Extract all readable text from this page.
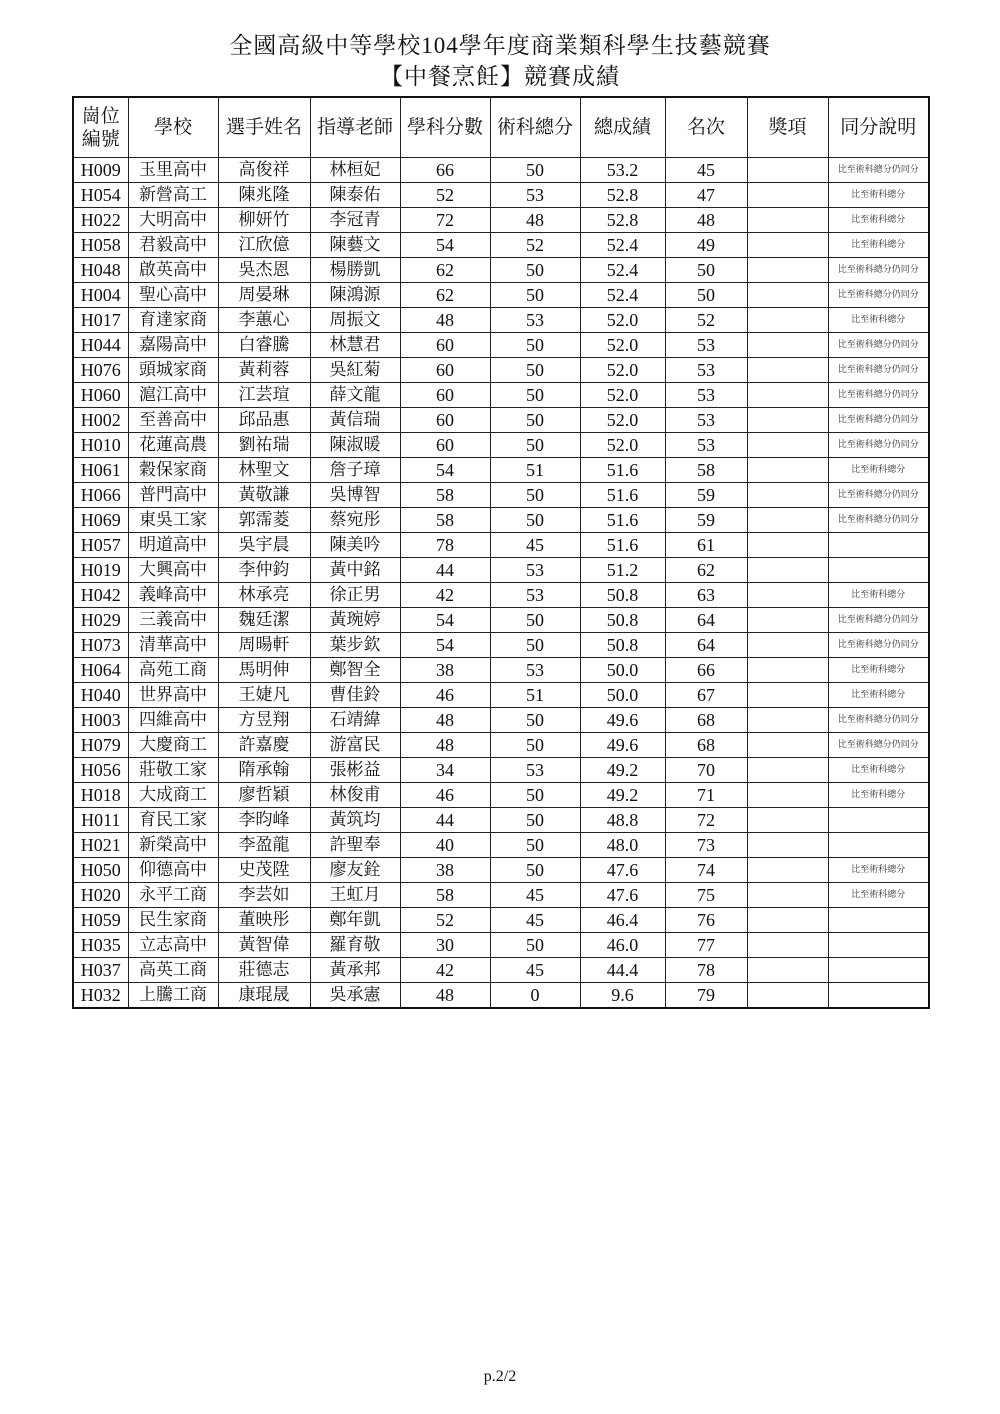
全國高級中等學校104學年度商業類科學生技藝競賽
【中餐烹飪】競賽成績
崗位
編號	學校	選手姓名	指導老師	學科分數	術科總分	總成績	名次	獎項	同分說明
H009	玉里高中	高俊祥	林桓妃	66	50	53.2	45		比至術科總分仍同分
H054	新營高工	陳兆隆	陳泰佑	52	53	52.8	47		比至術科總分
H022	大明高中	柳妍竹	李冠青	72	48	52.8	48		比至術科總分
H058	君毅高中	江欣億	陳藝文	54	52	52.4	49		比至術科總分
H048	啟英高中	吳杰恩	楊勝凱	62	50	52.4	50		比至術科總分仍同分
H004	聖心高中	周晏琳	陳鴻源	62	50	52.4	50		比至術科總分仍同分
H017	育達家商	李蕙心	周振文	48	53	52.0	52		比至術科總分
H044	嘉陽高中	白睿騰	林慧君	60	50	52.0	53		比至術科總分仍同分
H076	頭城家商	黃莉蓉	吳紅菊	60	50	52.0	53		比至術科總分仍同分
H060	滬江高中	江芸瑄	薛文龍	60	50	52.0	53		比至術科總分仍同分
H002	至善高中	邱品惠	黃信瑞	60	50	52.0	53		比至術科總分仍同分
H010	花蓮高農	劉祐瑞	陳淑暖	60	50	52.0	53		比至術科總分仍同分
H061	穀保家商	林聖文	詹子璋	54	51	51.6	58		比至術科總分
H066	普門高中	黃敬謙	吳博智	58	50	51.6	59		比至術科總分仍同分
H069	東吳工家	郭霈菱	蔡宛彤	58	50	51.6	59		比至術科總分仍同分
H057	明道高中	吳宇晨	陳美吟	78	45	51.6	61		
H019	大興高中	李仲鈞	黃中銘	44	53	51.2	62		
H042	義峰高中	林承亮	徐正男	42	53	50.8	63		比至術科總分
H029	三義高中	魏廷潔	黃琬婷	54	50	50.8	64		比至術科總分仍同分
H073	清華高中	周暘軒	葉步欽	54	50	50.8	64		比至術科總分仍同分
H064	高苑工商	馬明伸	鄭智全	38	53	50.0	66		比至術科總分
H040	世界高中	王婕凡	曹佳鈴	46	51	50.0	67		比至術科總分
H003	四維高中	方昱翔	石靖緯	48	50	49.6	68		比至術科總分仍同分
H079	大慶商工	許嘉慶	游富民	48	50	49.6	68		比至術科總分仍同分
H056	莊敬工家	隋承翰	張彬益	34	53	49.2	70		比至術科總分
H018	大成商工	廖哲穎	林俊甫	46	50	49.2	71		比至術科總分
H011	育民工家	李昀峰	黃筑均	44	50	48.8	72		
H021	新榮高中	李盈龍	許聖奉	40	50	48.0	73		
H050	仰德高中	史茂陞	廖友銓	38	50	47.6	74		比至術科總分
H020	永平工商	李芸如	王虹月	58	45	47.6	75		比至術科總分
H059	民生家商	董映彤	鄭年凱	52	45	46.4	76		
H035	立志高中	黃智偉	羅育敬	30	50	46.0	77		
H037	高英工商	莊德志	黃承邦	42	45	44.4	78		
H032	上騰工商	康琨晟	吳承憲	48	0	9.6	79		
p.2/2
